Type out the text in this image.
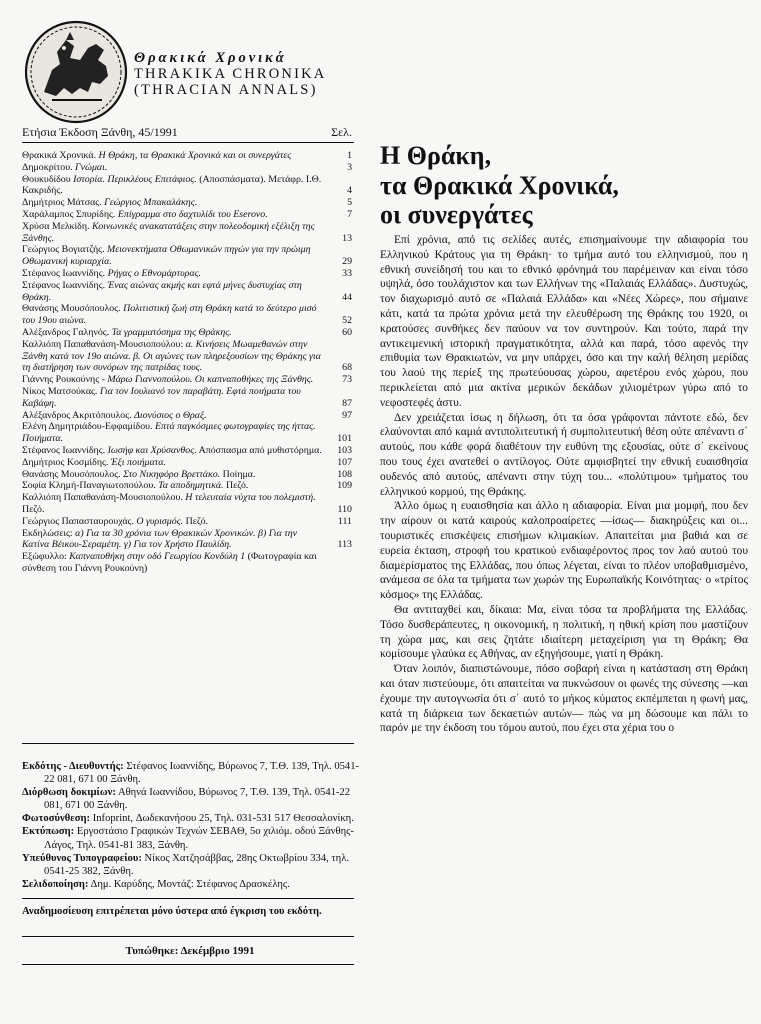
Θρακικά Χρονικά
THRAKIKA CHRONIKA
(THRACIAN ANNALS)
Ετήσια Έκδοση Ξάνθη, 45/1991	Σελ.
Θρακικά Χρονικά. Η Θράκη, τα Θρακικά Χρονικά και οι συνεργάτες	1
Δημοκρίτου. Γνώμαι.	3
Θουκυδίδου Ιστορία. Περικλέους Επιτάφιος. (Αποσπάσματα). Μετάφρ. Ι.Θ. Κακριδής.	4
Δημήτριος Μάτσας. Γεώργιος Μπακαλάκης.	5
Χαράλαμπος Σπυρίδης. Επίγραμμα στο δαχτυλίδι του Eserovo.	7
Χρύσα Μελκίδη. Κοινωνικές ανακατατάξεις στην πολεοδομική εξέλιξη της Ξάνθης.	13
Γεώργιος Βογιατζής. Μειονεκτήματα Οθωμανικών πηγών για την πρώιμη Οθωμανική κυριαρχία.	29
Στέφανος Ιωαννίδης. Ρήγας ο Εθνομάρτυρας.	33
Στέφανος Ιωαννίδης. Ένας αιώνας ακμής και εφτά μήνες δυστυχίας στη Θράκη.	44
Θανάσης Μουσόπουλος. Πολιτιστική ζωή στη Θράκη κατά το δεύτερο μισό του 19ου αιώνα.	52
Αλέξανδρος Γαληνός. Τα γραμματόσημα της Θράκης.	60
Καλλιόπη Παπαθανάση-Μουσιοπούλου: α. Κινήσεις Μωαμεθανών στην Ξάνθη κατά τον 19ο αιώνα. β. Οι αγώνες των πληρεξουσίων της Θράκης για τη διατήρηση των συνόρων της πατρίδας τους.	68
Γιάννης Ρουκούνης - Μάρω Γιαννοπούλου. Οι καπναποθήκες της Ξάνθης.	73
Νίκος Ματσούκας. Για τον Ιουλιανό τον παραβάτη. Εφτά ποιήματα του Καβάφη.	87
Αλέξανδρος Ακριτόπουλος. Διονύσιος ο Θραξ.	97
Ελένη Δημητριάδου-Εφφαμίδου. Επτά παγκόσμιες φωτογραφίες της ήττας. Ποιήματα.	101
Στέφανος Ιωαννίδης. Ιωσήφ και Χρύσανθος. Απόσπασμα από μυθιστόρημα.	103
Δημήτριος Κοσμίδης. Έξι ποιήματα.	107
Θανάσης Μουσόπουλος. Στο Νικηφόρο Βρεττάκο. Ποίημα.	108
Σοφία Κλημή-Παναγιωτοπούλου. Τα αποδημητικά. Πεζό.	109
Καλλιόπη Παπαθανάση-Μουσιοπούλου. Η τελευταία νύχτα του πολεμιστή. Πεζό.	110
Γεώργιος Παπασταυρουχάς. Ο γυρισμός. Πεζό.	111
Εκδηλώσεις: α) Για τα 30 χρόνια των Θρακικών Χρονικών. β) Για την Κατίνα Βέικου-Σεραμέτη. γ) Για τον Χρήστο Παυλίδη.	113
Εξώφυλλο: Καπναποθήκη στην οδό Γεωργίου Κονδύλη 1 (Φωτογραφία και σύνθεση του Γιάννη Ρουκούνη)
Εκδότης - Διευθυντής: Στέφανος Ιωαννίδης, Βύρωνος 7, Τ.Θ. 139, Τηλ. 0541-22 081, 671 00 Ξάνθη.
Διόρθωση δοκιμίων: Αθηνά Ιωαννίδου, Βύρωνος 7, Τ.Θ. 139, Τηλ. 0541-22 081, 671 00 Ξάνθη.
Φωτοσύνθεση: Infoprint, Δωδεκανήσου 25, Τηλ. 031-531 517 Θεσσαλονίκη.
Εκτύπωση: Εργοστάσιο Γραφικών Τεχνών ΣΕΒΑΘ, 5ο χιλιόμ. οδού Ξάνθης-Λάγος, Τηλ. 0541-81 383, Ξάνθη.
Υπεύθυνος Τυπογραφείου: Νίκος Χατζησάββας, 28ης Οκτωβρίου 334, τηλ. 0541-25 382, Ξάνθη.
Σελιδοποίηση: Δημ. Καρύδης, Μοντάζ: Στέφανος Δρασκέλης.
Αναδημοσίευση επιτρέπεται μόνο ύστερα από έγκριση του εκδότη.
Τυπώθηκε: Δεκέμβριο 1991
Η Θράκη,
τα Θρακικά Χρονικά,
οι συνεργάτες

Επί χρόνια, από τις σελίδες αυτές, επισημαίνουμε την αδιαφορία του Ελληνικού Κράτους για τη Θράκη· το τμήμα αυτό του ελληνισμού, που η εθνική συνείδησή του και το εθνικό φρόνημά του παρέμειναν και είναι τόσο υψηλά, όσο τουλάχιστον και των Ελλήνων της «Παλαιάς Ελλάδας». Δυστυχώς, τον διαχωρισμό αυτό σε «Παλαιά Ελλάδα» και «Νέες Χώρες», που σήμαινε κάτι, κατά τα πρώτα χρόνια μετά την ελευθέρωση της Θράκης του 1920, οι κρατούσες συνθήκες δεν παύουν να τον συντηρούν. Και τούτο, παρά την αντικειμενική ιστορική πραγματικότητα, αλλά και παρά, τόσο αφενός την επιθυμία των Θρακιωτών, να μην υπάρχει, όσο και την καλή θέληση μερίδας του λαού της περίεξ της πρωτεύουσας χώρου, αφετέρου ενός χώρου, που περικλείεται από μια ακτίνα μερικών δεκάδων χιλιομέτρων γύρω από το νεφοστεφές άστυ.

Δεν χρειάζεται ίσως η δήλωση, ότι τα όσα γράφονται πάντοτε εδώ, δεν ελαύνονται από καμιά αντιπολιτευτική ή συμπολιτευτική θέση ούτε απέναντι σ΄ αυτούς, που κάθε φορά διαθέτουν την ευθύνη της εξουσίας, ούτε σ΄ εκείνους που τους έχει ανατεθεί ο αντίλογος. Ούτε αμφισβητεί την εθνική ευαισθησία ουδενός από αυτούς, απέναντι στην τύχη του... «πολύτιμου» τμήματος του ελληνικού κορμού, της Θράκης.

Άλλο όμως η ευαισθησία και άλλο η αδιαφορία. Είναι μια μομφή, που δεν την αίρουν οι κατά καιρούς καλοπροαίρετες —ίσως— διακηρύξεις και οι... τουριστικές επισκέψεις επισήμων κλιμακίων. Απαιτείται μια βαθιά και σε ευρεία έκταση, στροφή του κρατικού ενδιαφέροντος προς τον λαό αυτού του διαμερίσματος της Ελλάδας, που όπως λέγεται, είναι το πλέον υποβαθμισμένο, ανάμεσα σε όλα τα τμήματα των χωρών της Ευρωπαϊκής Κοινότητας· ο «τρίτος κόσμος» της Ελλάδας.

Θα αντιταχθεί και, δίκαια: Μα, είναι τόσα τα προβλήματα της Ελλάδας. Τόσο δυσθεράπευτες, η οικονομική, η πολιτική, η ηθική κρίση που μαστίζουν τη χώρα μας, και σεις ζητάτε ιδιαίτερη μεταχείριση για τη Θράκη; Θα κομίσουμε γλαύκα ες Αθήνας, αν εξηγήσουμε, γιατί η Θράκη.

Όταν λοιπόν, διαπιστώνουμε, πόσο σοβαρή είναι η κατάσταση στη Θράκη και όταν πιστεύουμε, ότι απαιτείται να πυκνώσουν οι φωνές της σύνεσης —και έχουμε την αυτογνωσία ότι σ΄ αυτό το μήκος κύματος εκπέμπεται η φωνή μας, κατά τη διάρκεια των δεκαετιών αυτών— πώς να μη δώσουμε και πάλι το παρόν με την έκδοση του τόμου αυτού, που έχει στα χέρια του ο
